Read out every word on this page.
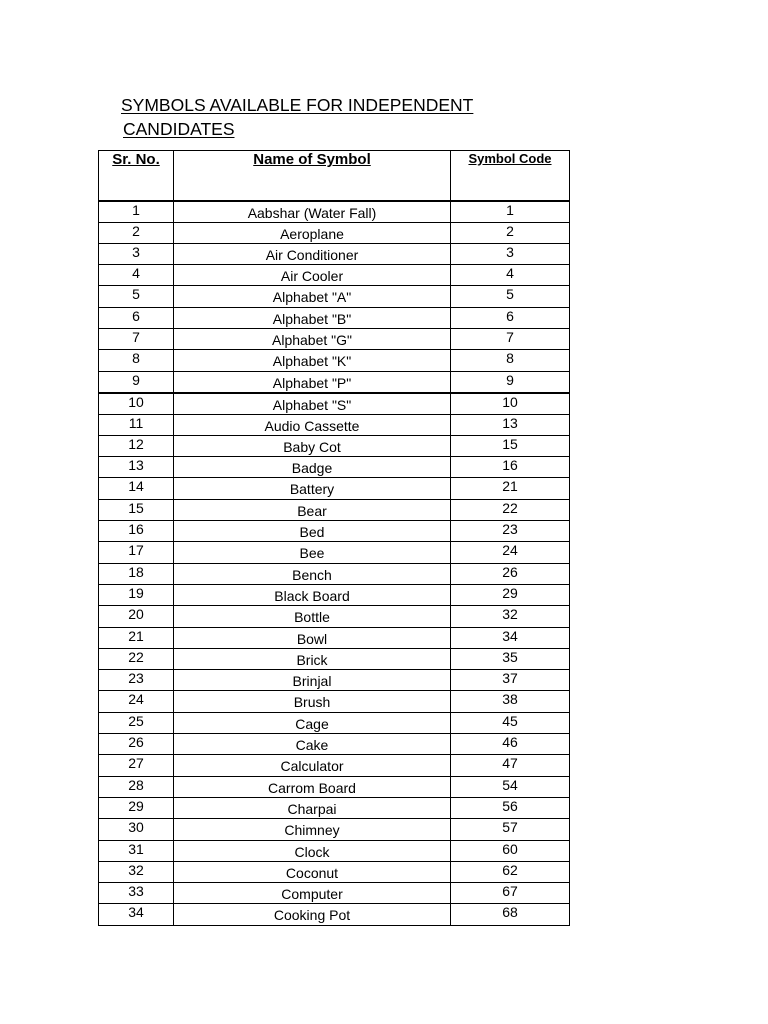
SYMBOLS AVAILABLE FOR INDEPENDENT
CANDIDATES
Sr. No.	Name of Symbol	Symbol Code
1	Aabshar (Water Fall)	1
2	Aeroplane	2
3	Air Conditioner	3
4	Air Cooler	4
5	Alphabet "A"	5
6	Alphabet "B"	6
7	Alphabet "G"	7
8	Alphabet "K"	8
9	Alphabet "P"	9
10	Alphabet "S"	10
11	Audio Cassette	13
12	Baby Cot	15
13	Badge	16
14	Battery	21
15	Bear	22
16	Bed	23
17	Bee	24
18	Bench	26
19	Black Board	29
20	Bottle	32
21	Bowl	34
22	Brick	35
23	Brinjal	37
24	Brush	38
25	Cage	45
26	Cake	46
27	Calculator	47
28	Carrom Board	54
29	Charpai	56
30	Chimney	57
31	Clock	60
32	Coconut	62
33	Computer	67
34	Cooking Pot	68
